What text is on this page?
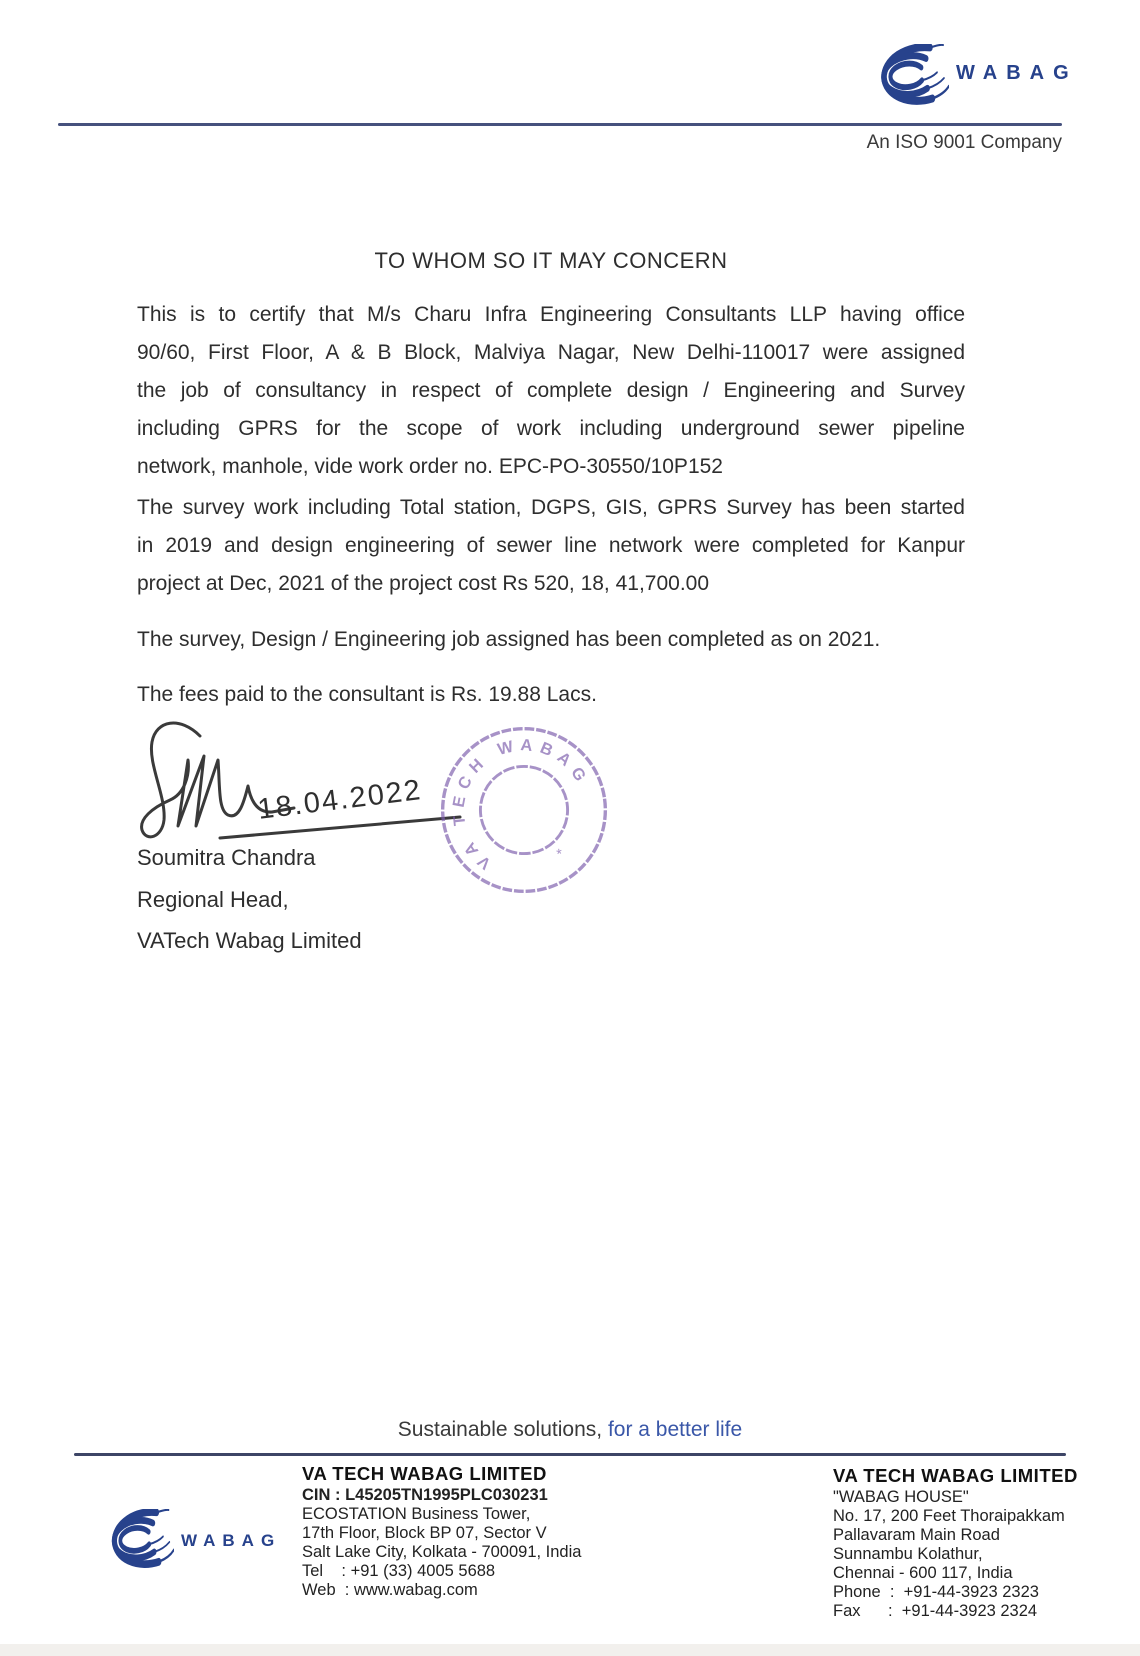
WABAG
An ISO 9001 Company
TO WHOM SO IT MAY CONCERN
This is to certify that M/s Charu Infra Engineering Consultants LLP having office
90/60, First Floor, A & B Block, Malviya Nagar, New Delhi-110017 were assigned
the job of consultancy in respect of complete design / Engineering and Survey
including GPRS for the scope of work including underground sewer pipeline
network, manhole, vide work order no. EPC-PO-30550/10P152
The survey work including Total station, DGPS, GIS, GPRS Survey has been started
in 2019 and design engineering of sewer line network were completed for Kanpur
project at Dec, 2021 of the project cost Rs 520, 18, 41,700.00
The survey, Design / Engineering job assigned has been completed as on 2021.
The fees paid to the consultant is Rs. 19.88 Lacs.
18.04.2022
VA TECH WABAG
*
Soumitra Chandra
Regional Head,
VATech Wabag Limited
Sustainable solutions, for a better life
WABAG
VA TECH WABAG LIMITED
CIN : L45205TN1995PLC030231
ECOSTATION Business Tower,
17th Floor, Block BP 07, Sector V
Salt Lake City, Kolkata - 700091, India
Tel    : +91 (33) 4005 5688
Web  : www.wabag.com
VA TECH WABAG LIMITED
"WABAG HOUSE"
No. 17, 200 Feet Thoraipakkam
Pallavaram Main Road
Sunnambu Kolathur,
Chennai - 600 117, India
Phone  :  +91-44-3923 2323
Fax      :  +91-44-3923 2324
